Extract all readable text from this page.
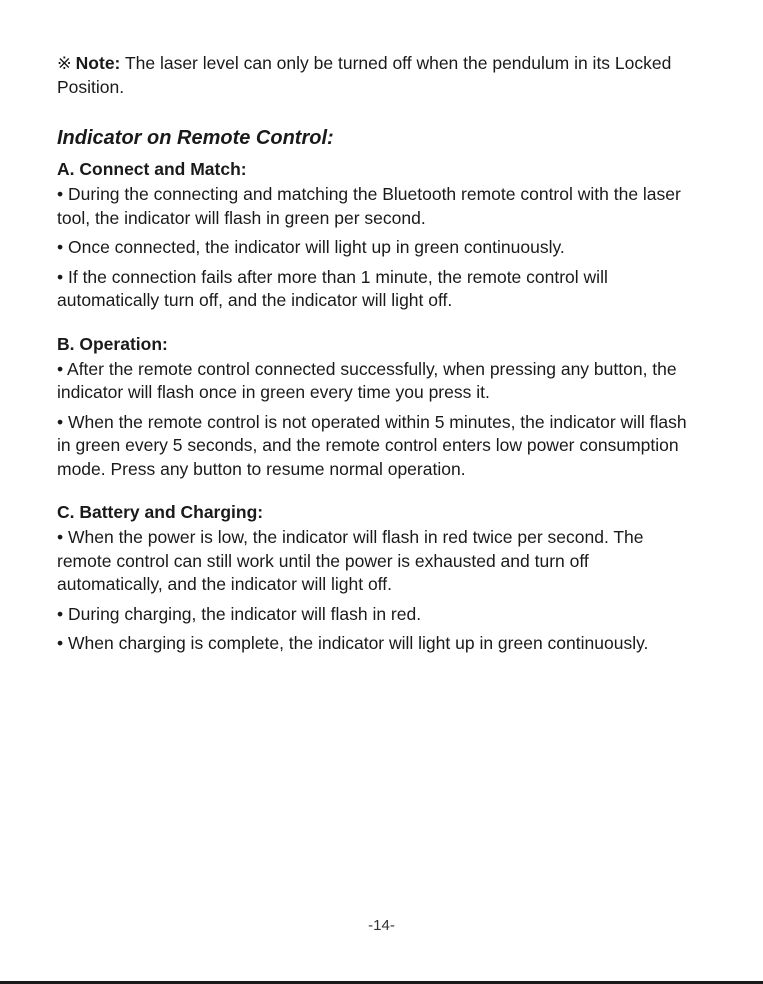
※ Note: The laser level can only be turned off when the pendulum in its Locked Position.

Indicator on Remote Control:
A. Connect and Match:

• During the connecting and matching the Bluetooth remote control with the laser tool, the indicator will flash in green per second.

• Once connected, the indicator will light up in green continuously.

• If the connection fails after more than 1 minute, the remote control will automatically turn off, and the indicator will light off.

B. Operation:

• After the remote control connected successfully, when pressing any button, the indicator will flash once in green every time you press it.

• When the remote control is not operated within 5 minutes, the indicator will flash in green every 5 seconds, and the remote control enters low power consumption mode. Press any button to resume normal operation.

C. Battery and Charging:

• When the power is low, the indicator will flash in red twice per second. The remote control can still work until the power is exhausted and turn off automatically, and the indicator will light off.

• During charging, the indicator will flash in red.

• When charging is complete, the indicator will light up in green continuously.

-14-
